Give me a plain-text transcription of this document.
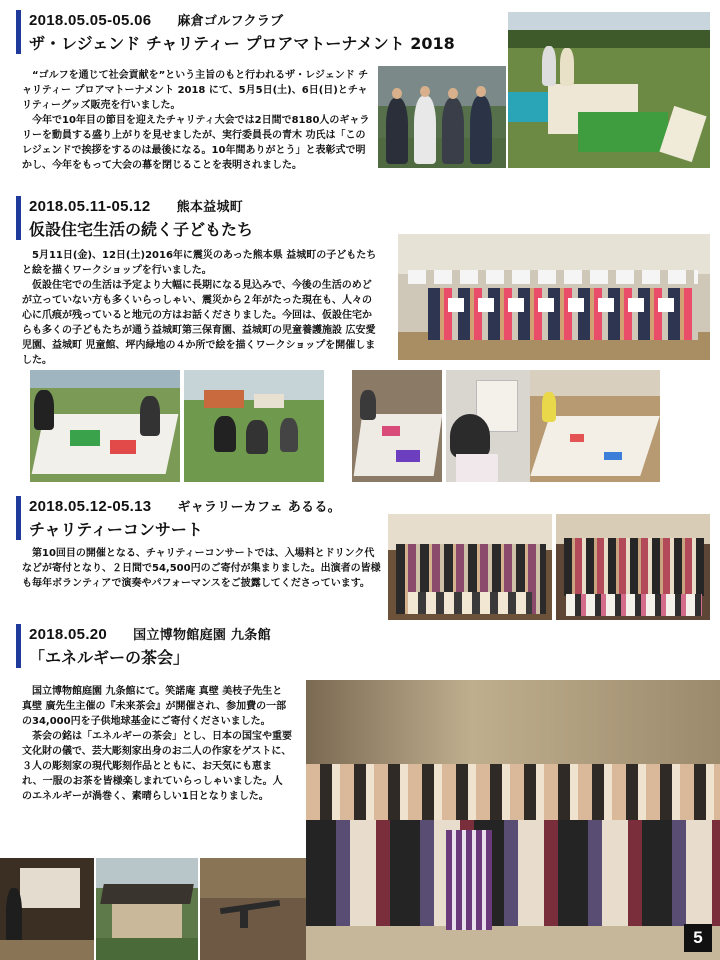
2018.05.05-05.06 麻倉ゴルフクラブ
ザ・レジェンド チャリティー プロアマトーナメント 2018

“ゴルフを通じて社会貢献を”という主旨のもと行われるザ・レジェンド チャリティー プロアマトーナメント 2018 にて、5月5日(土)、6日(日)とチャリティーグッズ販売を行いました。

今年で10年目の節目を迎えたチャリティ大会では2日間で8180人のギャラリーを動員する盛り上がりを見せましたが、実行委員長の青木 功氏は「このレジェンドで挨拶をするのは最後になる。10年間ありがとう」と表彰式で明かし、今年をもって大会の幕を閉じることを表明されました。

2018.05.11-05.12 熊本益城町
仮設住宅生活の続く子どもたち

5月11日(金)、12日(土)2016年に震災のあった熊本県 益城町の子どもたちと絵を描くワークショップを行いました。

仮設住宅での生活は予定より大幅に長期になる見込みで、今後の生活のめどが立っていない方も多くいらっしゃい、震災から２年がたった現在も、人々の心に爪痕が残っていると地元の方はお話くださりました。今回は、仮設住宅からも多くの子どもたちが通う益城町第三保育園、益城町の児童養護施設 広安愛児園、益城町 児童館、坪内緑地の４か所で絵を描くワークショップを開催しました。

2018.05.12-05.13 ギャラリーカフェ あるる。
チャリティーコンサート

第10回目の開催となる、チャリティーコンサートでは、入場料とドリンク代などが寄付となり、２日間で54,500円のご寄付が集まりました。出演者の皆様も毎年ボランティアで演奏やパフォーマンスをご披露してくださっています。

2018.05.20 国立博物館庭園 九条館
「エネルギーの茶会」

国立博物館庭園 九条館にて。笑諾庵 真壁 美枝子先生と真壁 廣先生主催の『未来茶会』が開催され、参加費の一部の34,000円を子供地球基金にご寄付くださいました。

茶会の銘は「エネルギーの茶会」とし、日本の国宝や重要文化財の儀で、芸大彫刻家出身のお二人の作家をゲストに、３人の彫刻家の現代彫刻作品とともに、お天気にも恵まれ、一服のお茶を皆様楽しまれていらっしゃいました。人のエネルギーが渦巻く、素晴らしい1日となりました。

5
